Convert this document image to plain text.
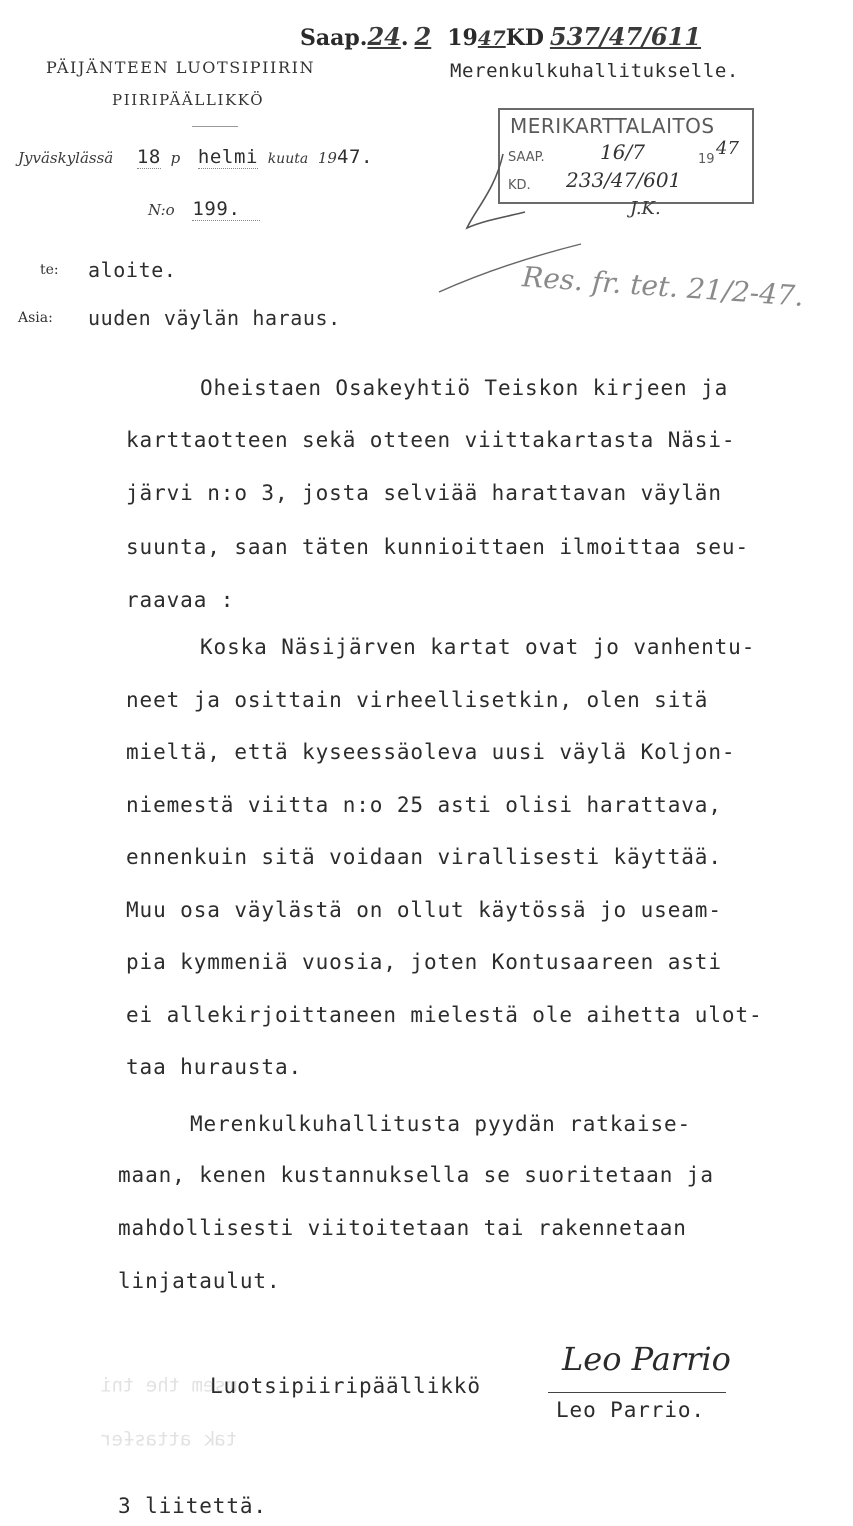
Saap.24. 2 1947KD 537/47/611
PÄIJÄNTEEN LUOTSIPIIRIN
PIIRIPÄÄLLIKKÖ
Merenkulkuhallitukselle.
MERIKARTTALAITOS
SAAP.	16/7	19
47
KD. 233/47/601
J.K.
Jyväskylässä 18 p helmi kuuta 1947.
N:o 199.
Res. fr. tet. 21/2-47.
te: aloite.
Asia: uuden väylän haraus.
Oheistaen Osakeyhtiö Teiskon kirjeen ja
karttaotteen sekä otteen viittakartasta Näsi-
järvi n:o 3, josta selviää harattavan väylän
suunta, saan täten kunnioittaen ilmoittaa seu-
raavaa :
Koska Näsijärven kartat ovat jo vanhentu-
neet ja osittain virheellisetkin, olen sitä
mieltä, että kyseessäoleva uusi väylä Koljon-
niemestä viitta n:o 25 asti olisi harattava,
ennenkuin sitä voidaan virallisesti käyttää.
Muu osa väylästä on ollut käytössä jo useam-
pia kymmeniä vuosia, joten Kontusaareen asti
ei allekirjoittaneen mielestä ole aihetta ulot-
taa hurausta.
Merenkulkuhallitusta pyydän ratkaise-
maan, kenen kustannuksella se suoritetaan ja
mahdollisesti viitoitetaan tai rakennetaan
linjataulut.
ᴉuʇ ǝɥʇ ɯǝsɯ
ɹǝɟsɐʇʇɐ ʞɐʇ
Luotsipiiripäällikkö
Leo Parrio
Leo Parrio.
3 liitettä.
